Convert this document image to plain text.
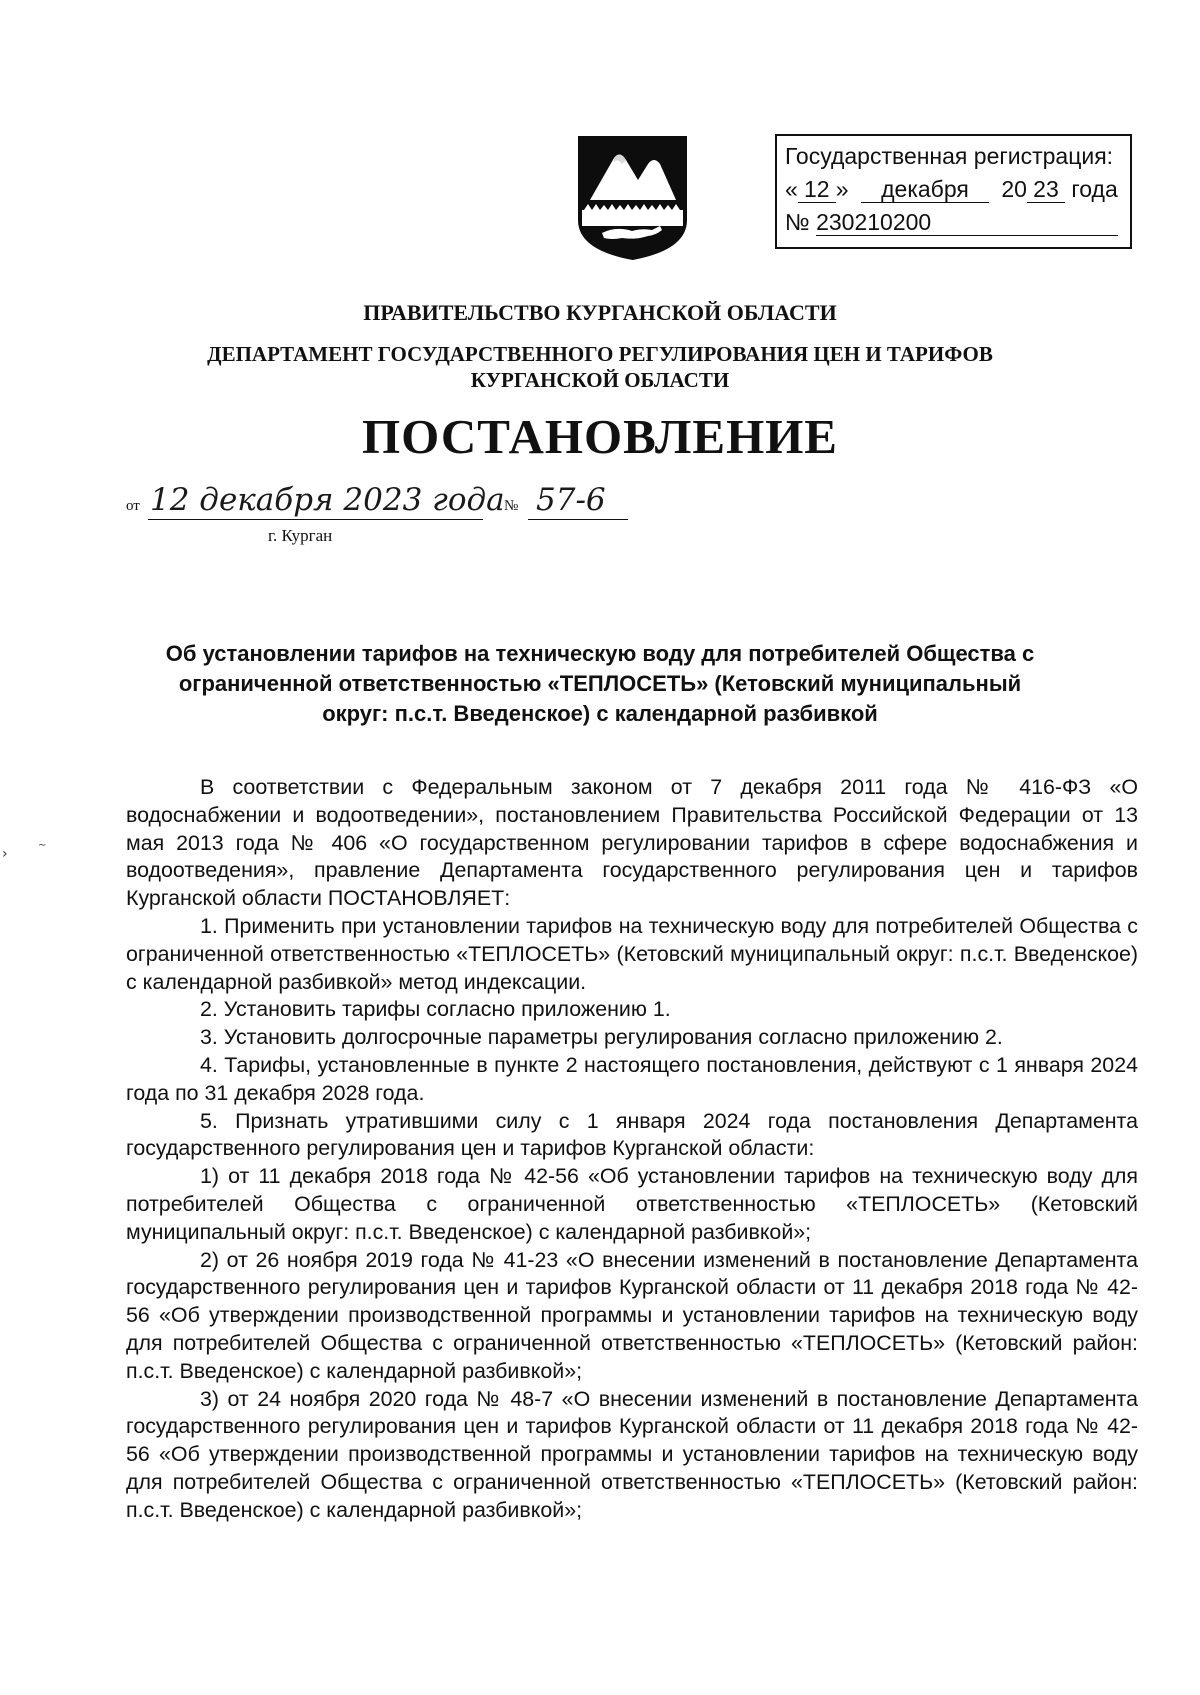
Государственная регистрация:
« 12 » декабря 20 23 года
№ 230210200
ПРАВИТЕЛЬСТВО КУРГАНСКОЙ ОБЛАСТИ
ДЕПАРТАМЕНТ ГОСУДАРСТВЕННОГО РЕГУЛИРОВАНИЯ ЦЕН И ТАРИФОВ
КУРГАНСКОЙ ОБЛАСТИ
ПОСТАНОВЛЕНИЕ
от 12 декабря 2023 года № 57-6
г. Курган
Об установлении тарифов на техническую воду для потребителей Общества с
ограниченной ответственностью «ТЕПЛОСЕТЬ» (Кетовский муниципальный
округ: п.с.т. Введенское) с календарной разбивкой

В соответствии с Федеральным законом от 7 декабря 2011 года № 416-ФЗ «О водоснабжении и водоотведении», постановлением Правительства Российской Федерации от 13 мая 2013 года № 406 «О государственном регулировании тарифов в сфере водоснабжения и водоотведения», правление Департамента государственного регулирования цен и тарифов Курганской области ПОСТАНОВЛЯЕТ:

1. Применить при установлении тарифов на техническую воду для потребителей Общества с ограниченной ответственностью «ТЕПЛОСЕТЬ» (Кетовский муниципальный округ: п.с.т. Введенское) с календарной разбивкой» метод индексации.

2. Установить тарифы согласно приложению 1.

3. Установить долгосрочные параметры регулирования согласно приложению 2.

4. Тарифы, установленные в пункте 2 настоящего постановления, действуют с 1 января 2024 года по 31 декабря 2028 года.

5. Признать утратившими силу с 1 января 2024 года постановления Департамента государственного регулирования цен и тарифов Курганской области:

1) от 11 декабря 2018 года № 42-56 «Об установлении тарифов на техническую воду для потребителей Общества с ограниченной ответственностью «ТЕПЛОСЕТЬ» (Кетовский муниципальный округ: п.с.т. Введенское) с календарной разбивкой»;

2) от 26 ноября 2019 года № 41-23 «О внесении изменений в постановление Департамента государственного регулирования цен и тарифов Курганской области от 11 декабря 2018 года № 42-56 «Об утверждении производственной программы и установлении тарифов на техническую воду для потребителей Общества с ограниченной ответственностью «ТЕПЛОСЕТЬ» (Кетовский район: п.с.т. Введенское) с календарной разбивкой»;

3) от 24 ноября 2020 года № 48-7 «О внесении изменений в постановление Департамента государственного регулирования цен и тарифов Курганской области от 11 декабря 2018 года № 42-56 «Об утверждении производственной программы и установлении тарифов на техническую воду для потребителей Общества с ограниченной ответственностью «ТЕПЛОСЕТЬ» (Кетовский район: п.с.т. Введенское) с календарной разбивкой»;

›
∼
